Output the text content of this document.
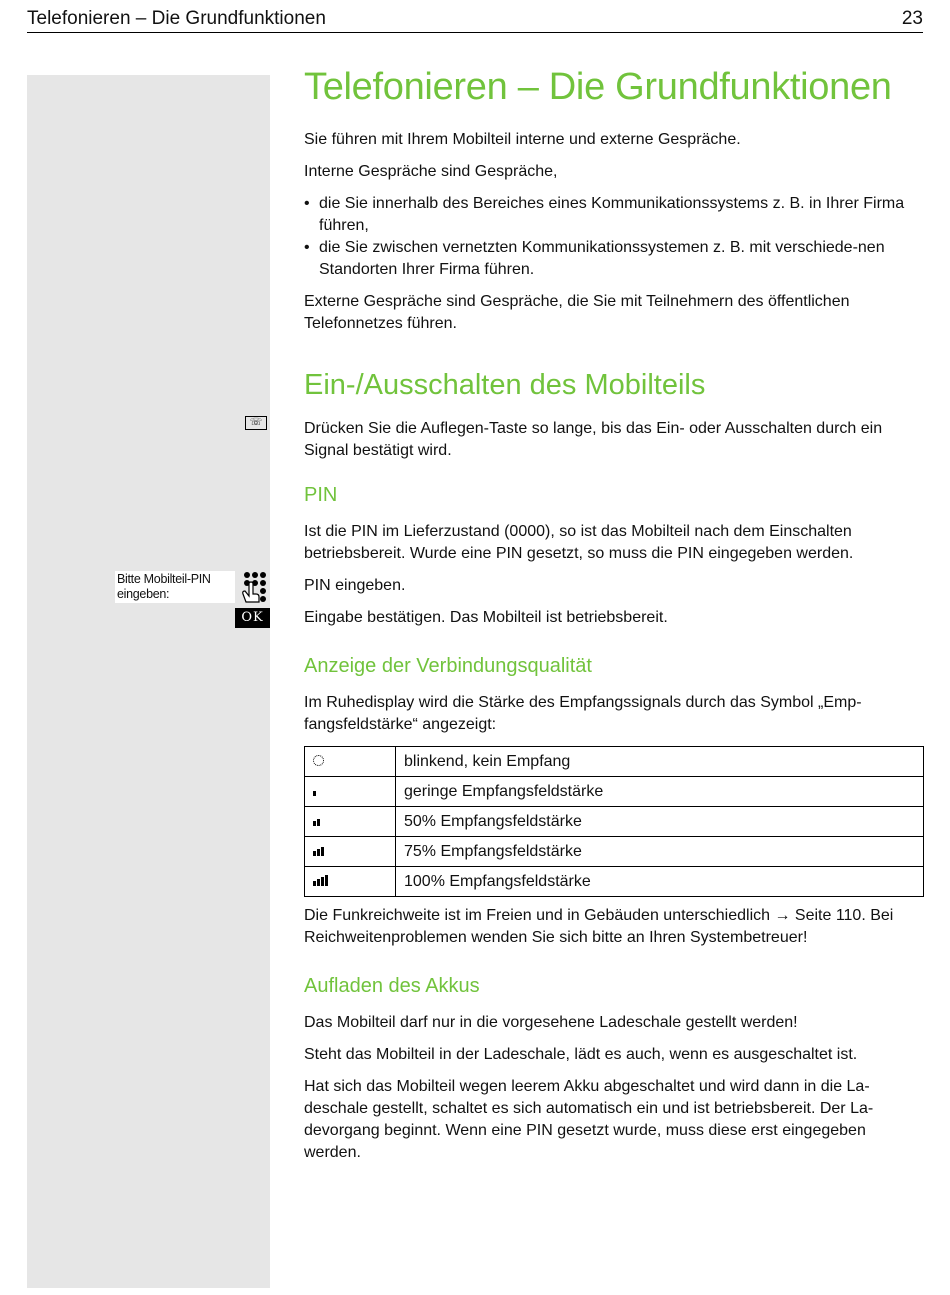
Telefonieren – Die Grundfunktionen	23
☏
Bitte Mobilteil-PIN eingeben:
OK
Telefonieren – Die Grundfunktionen

Sie führen mit Ihrem Mobilteil interne und externe Gespräche.

Interne Gespräche sind Gespräche,

• die Sie innerhalb des Bereiches eines Kommunikationssystems z. B. in Ihrer Firma führen,
• die Sie zwischen vernetzten Kommunikationssystemen z. B. mit verschiede-nen Standorten Ihrer Firma führen.

Externe Gespräche sind Gespräche, die Sie mit Teilnehmern des öffentlichen Telefonnetzes führen.

Ein-/Ausschalten des Mobilteils

Drücken Sie die Auflegen-Taste so lange, bis das Ein- oder Ausschalten durch ein Signal bestätigt wird.

PIN

Ist die PIN im Lieferzustand (0000), so ist das Mobilteil nach dem Einschalten betriebsbereit. Wurde eine PIN gesetzt, so muss die PIN eingegeben werden.

PIN eingeben.

Eingabe bestätigen. Das Mobilteil ist betriebsbereit.

Anzeige der Verbindungsqualität

Im Ruhedisplay wird die Stärke des Empfangssignals durch das Symbol „Emp-fangsfeldstärke“ angezeigt:

	blinkend, kein Empfang

	geringe Empfangsfeldstärke

	50% Empfangsfeldstärke

	75% Empfangsfeldstärke

	100% Empfangsfeldstärke

Die Funkreichweite ist im Freien und in Gebäuden unterschiedlich → Seite 110. Bei Reichweitenproblemen wenden Sie sich bitte an Ihren Systembetreuer!

Aufladen des Akkus

Das Mobilteil darf nur in die vorgesehene Ladeschale gestellt werden!

Steht das Mobilteil in der Ladeschale, lädt es auch, wenn es ausgeschaltet ist.

Hat sich das Mobilteil wegen leerem Akku abgeschaltet und wird dann in die La-deschale gestellt, schaltet es sich automatisch ein und ist betriebsbereit. Der La-devorgang beginnt. Wenn eine PIN gesetzt wurde, muss diese erst eingegeben werden.
